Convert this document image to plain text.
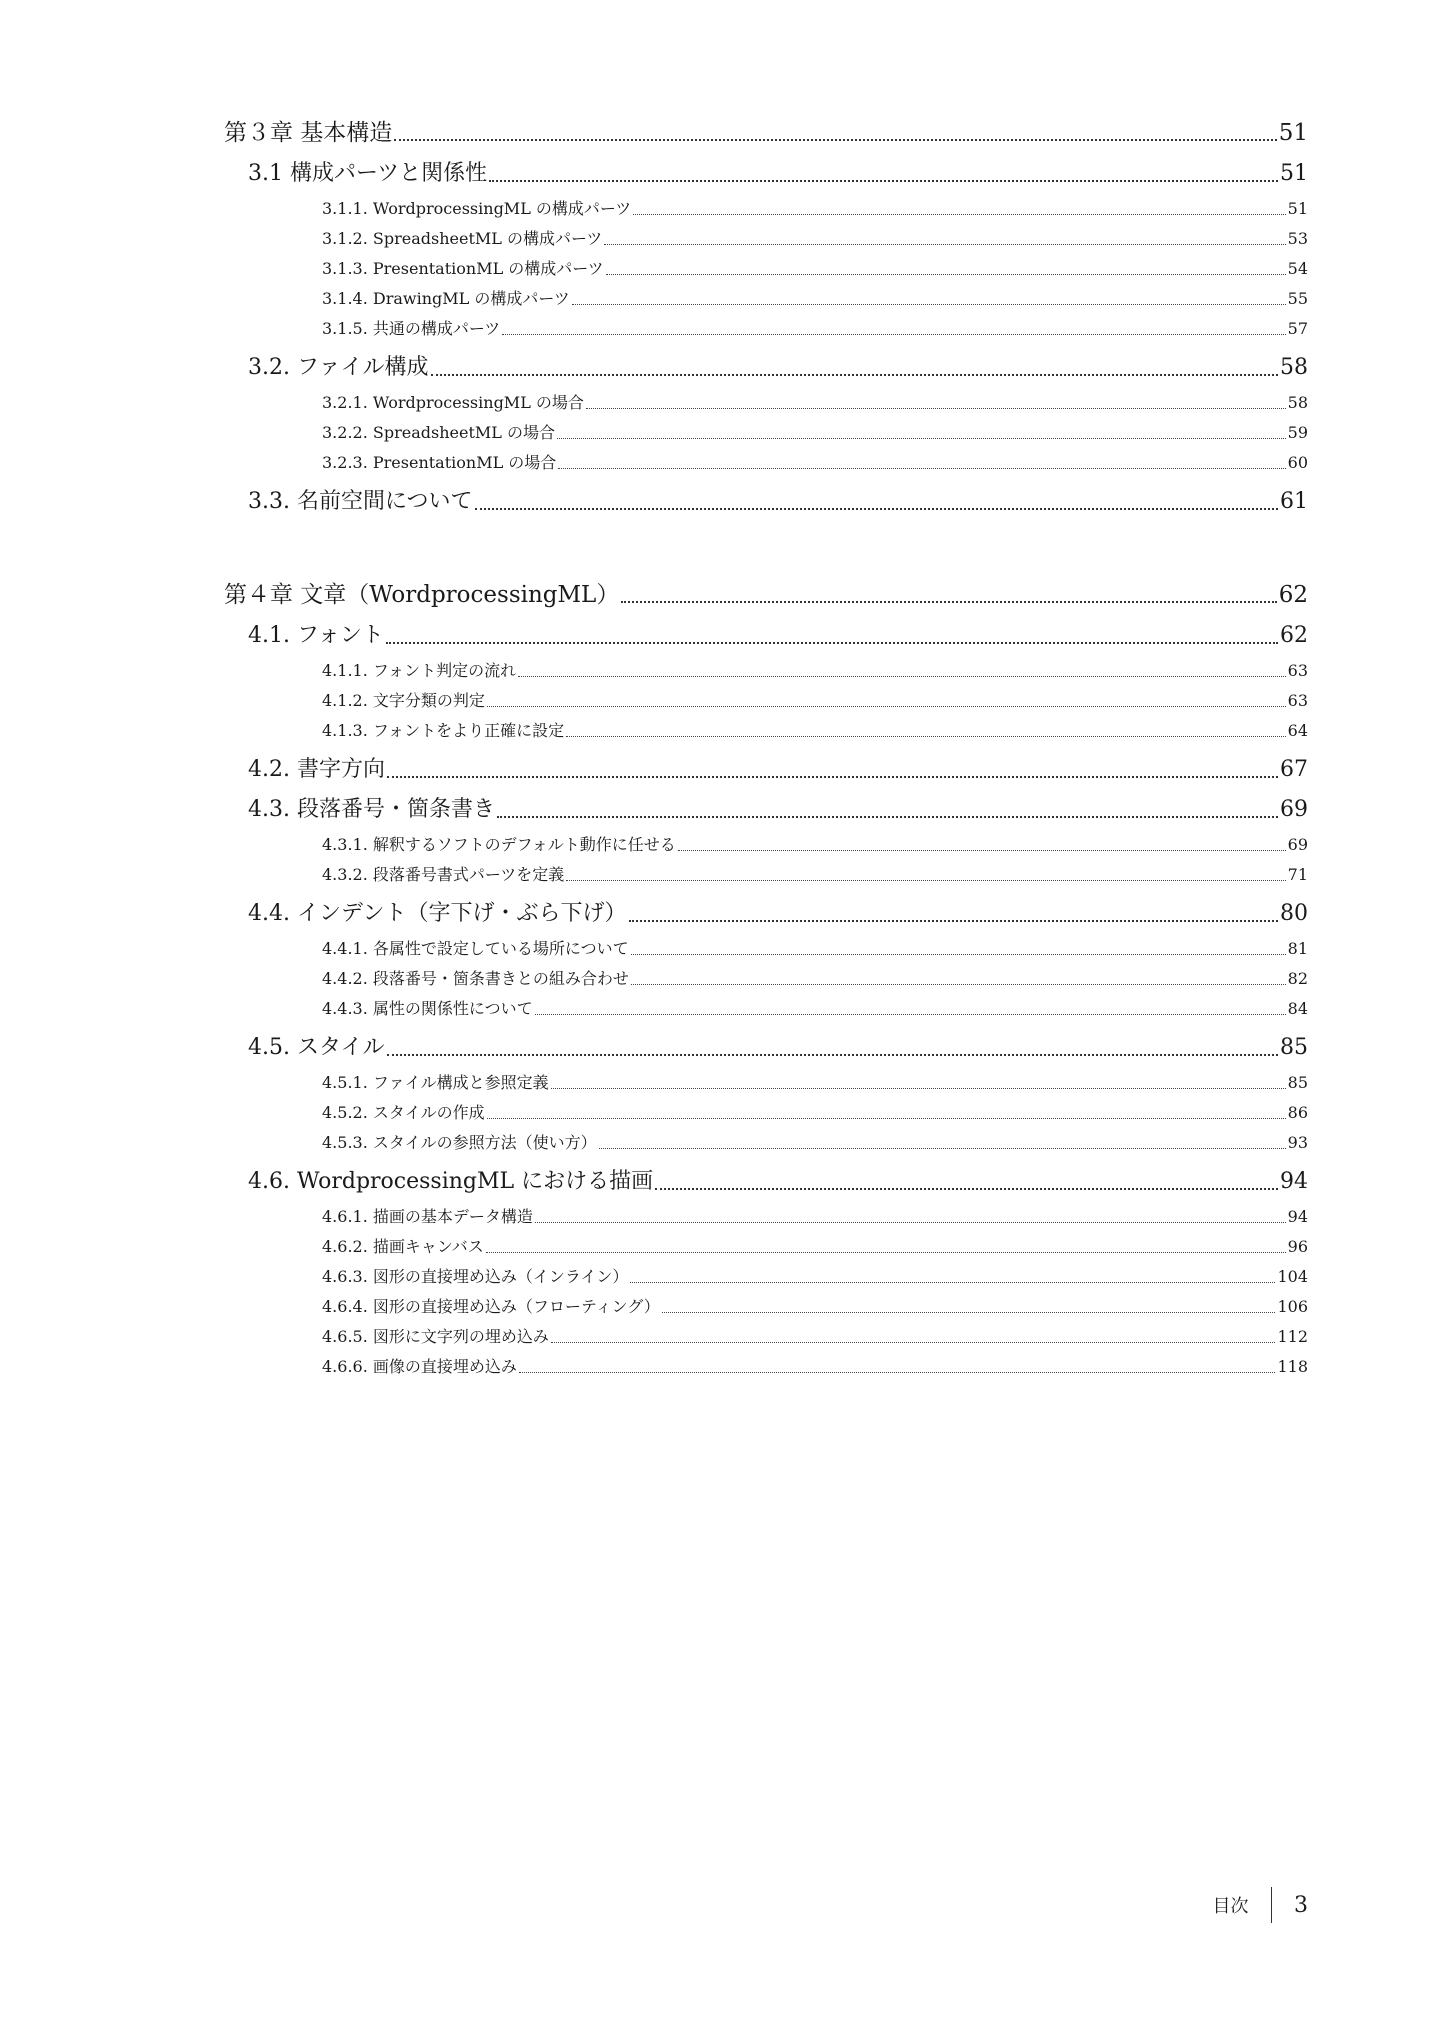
第３章 基本構造	51
3.1 構成パーツと関係性	51
3.1.1. WordprocessingML の構成パーツ	51
3.1.2. SpreadsheetML の構成パーツ	53
3.1.3. PresentationML の構成パーツ	54
3.1.4. DrawingML の構成パーツ	55
3.1.5. 共通の構成パーツ	57
3.2. ファイル構成	58
3.2.1. WordprocessingML の場合	58
3.2.2. SpreadsheetML の場合	59
3.2.3. PresentationML の場合	60
3.3. 名前空間について	61
第４章 文章（WordprocessingML）	62
4.1. フォント	62
4.1.1. フォント判定の流れ	63
4.1.2. 文字分類の判定	63
4.1.3. フォントをより正確に設定	64
4.2. 書字方向	67
4.3. 段落番号・箇条書き	69
4.3.1. 解釈するソフトのデフォルト動作に任せる	69
4.3.2. 段落番号書式パーツを定義	71
4.4. インデント（字下げ・ぶら下げ）	80
4.4.1. 各属性で設定している場所について	81
4.4.2. 段落番号・箇条書きとの組み合わせ	82
4.4.3. 属性の関係性について	84
4.5. スタイル	85
4.5.1. ファイル構成と参照定義	85
4.5.2. スタイルの作成	86
4.5.3. スタイルの参照方法（使い方）	93
4.6. WordprocessingML における描画	94
4.6.1. 描画の基本データ構造	94
4.6.2. 描画キャンバス	96
4.6.3. 図形の直接埋め込み（インライン）	104
4.6.4. 図形の直接埋め込み（フローティング）	106
4.6.5. 図形に文字列の埋め込み	112
4.6.6. 画像の直接埋め込み	118
目次 3
